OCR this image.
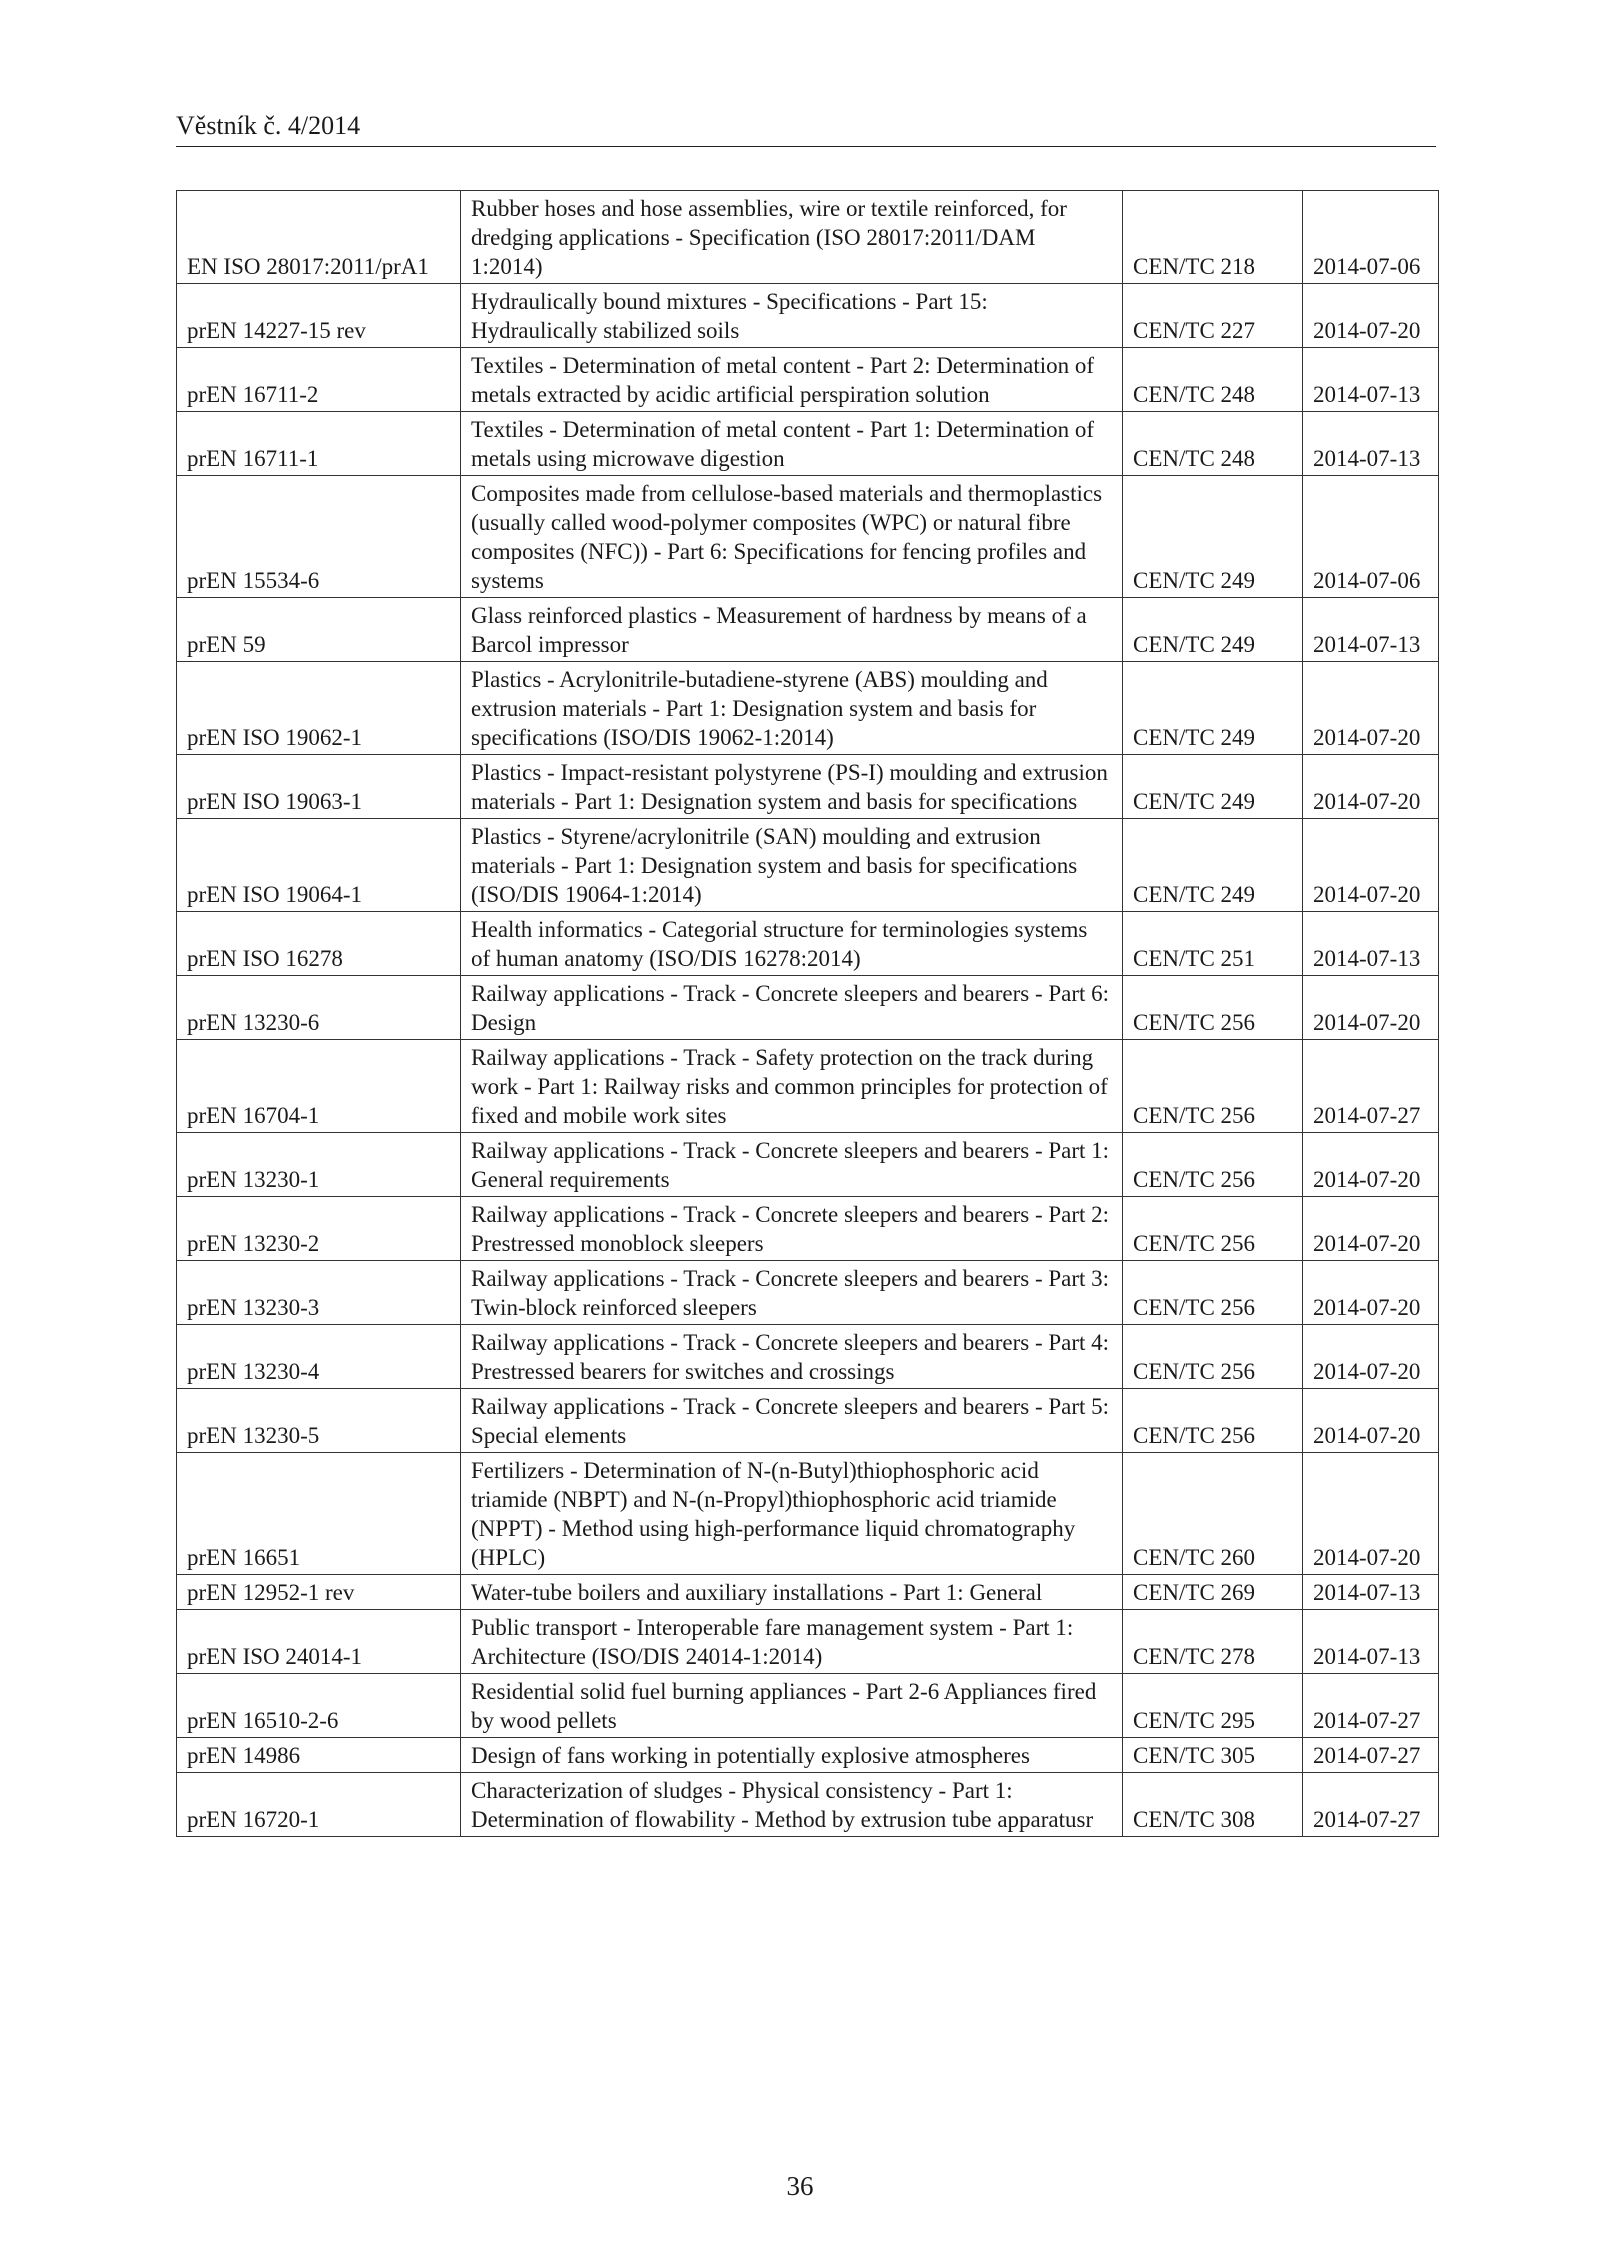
Věstník č. 4/2014
EN ISO 28017:2011/prA1	Rubber hoses and hose assemblies, wire or textile reinforced, for dredging applications - Specification (ISO 28017:2011/DAM 1:2014)	CEN/TC 218	2014-07-06
prEN 14227-15 rev	Hydraulically bound mixtures - Specifications - Part 15: Hydraulically stabilized soils	CEN/TC 227	2014-07-20
prEN 16711-2	Textiles - Determination of metal content - Part 2: Determination of metals extracted by acidic artificial perspiration solution	CEN/TC 248	2014-07-13
prEN 16711-1	Textiles - Determination of metal content - Part 1: Determination of metals using microwave digestion	CEN/TC 248	2014-07-13
prEN 15534-6	Composites made from cellulose-based materials and thermoplastics (usually called wood-polymer composites (WPC) or natural fibre composites (NFC)) - Part 6: Specifications for fencing profiles and systems	CEN/TC 249	2014-07-06
prEN 59	Glass reinforced plastics - Measurement of hardness by means of a Barcol impressor	CEN/TC 249	2014-07-13
prEN ISO 19062-1	Plastics - Acrylonitrile-butadiene-styrene (ABS) moulding and extrusion materials - Part 1: Designation system and basis for specifications (ISO/DIS 19062-1:2014)	CEN/TC 249	2014-07-20
prEN ISO 19063-1	Plastics - Impact-resistant polystyrene (PS-I) moulding and extrusion materials - Part 1: Designation system and basis for specifications	CEN/TC 249	2014-07-20
prEN ISO 19064-1	Plastics - Styrene/acrylonitrile (SAN) moulding and extrusion materials - Part 1: Designation system and basis for specifications (ISO/DIS 19064-1:2014)	CEN/TC 249	2014-07-20
prEN ISO 16278	Health informatics - Categorial structure for terminologies systems of human anatomy (ISO/DIS 16278:2014)	CEN/TC 251	2014-07-13
prEN 13230-6	Railway applications - Track - Concrete sleepers and bearers - Part 6: Design	CEN/TC 256	2014-07-20
prEN 16704-1	Railway applications - Track - Safety protection on the track during work - Part 1: Railway risks and common principles for protection of fixed and mobile work sites	CEN/TC 256	2014-07-27
prEN 13230-1	Railway applications - Track - Concrete sleepers and bearers - Part 1: General requirements	CEN/TC 256	2014-07-20
prEN 13230-2	Railway applications - Track - Concrete sleepers and bearers - Part 2: Prestressed monoblock sleepers	CEN/TC 256	2014-07-20
prEN 13230-3	Railway applications - Track - Concrete sleepers and bearers - Part 3: Twin-block reinforced sleepers	CEN/TC 256	2014-07-20
prEN 13230-4	Railway applications - Track - Concrete sleepers and bearers - Part 4: Prestressed bearers for switches and crossings	CEN/TC 256	2014-07-20
prEN 13230-5	Railway applications - Track - Concrete sleepers and bearers - Part 5: Special elements	CEN/TC 256	2014-07-20
prEN 16651	Fertilizers - Determination of N-(n-Butyl)thiophosphoric acid triamide (NBPT) and N-(n-Propyl)thiophosphoric acid triamide (NPPT) - Method using high-performance liquid chromatography (HPLC)	CEN/TC 260	2014-07-20
prEN 12952-1 rev	Water-tube boilers and auxiliary installations - Part 1: General	CEN/TC 269	2014-07-13
prEN ISO 24014-1	Public transport - Interoperable fare management system - Part 1: Architecture (ISO/DIS 24014-1:2014)	CEN/TC 278	2014-07-13
prEN 16510-2-6	Residential solid fuel burning appliances - Part 2-6 Appliances fired by wood pellets	CEN/TC 295	2014-07-27
prEN 14986	Design of fans working in potentially explosive atmospheres	CEN/TC 305	2014-07-27
prEN 16720-1	Characterization of sludges - Physical consistency - Part 1: Determination of flowability - Method by extrusion tube apparatusr	CEN/TC 308	2014-07-27
36
